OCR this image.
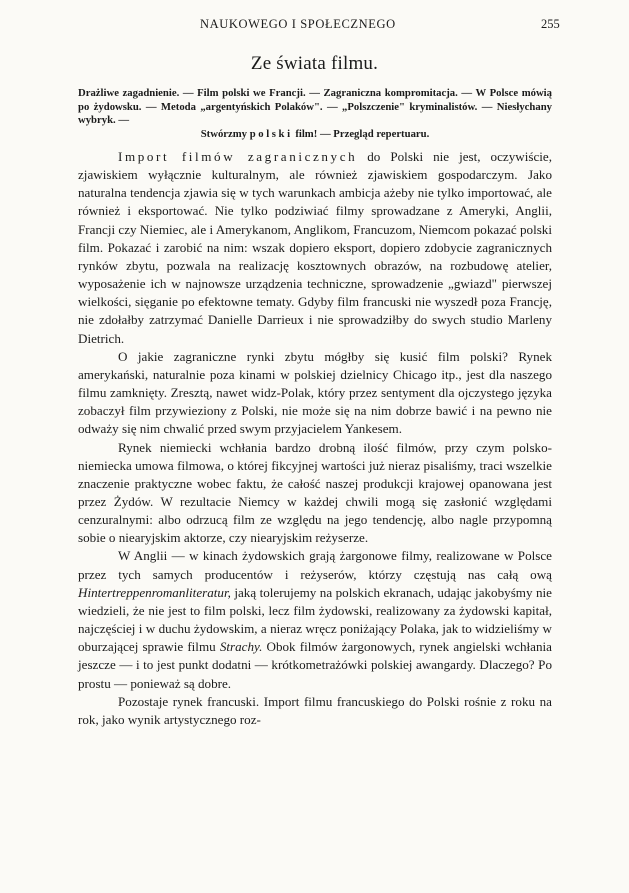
NAUKOWEGO I SPOŁECZNEGO	255
Ze świata filmu.

Drażliwe zagadnienie. — Film polski we Francji. — Zagraniczna kompromitacja. — W Polsce mówią po żydowsku. — Metoda „argentyńskich Polaków". — „Polszczenie" kryminalistów. — Niesłychany wybryk. —

Stwórzmy polski film! — Przegląd repertuaru.

Import filmów zagranicznych do Polski nie jest, oczywiście, zjawiskiem wyłącznie kulturalnym, ale również zjawiskiem gospodarczym. Jako naturalna tendencja zjawia się w tych warunkach ambicja ażeby nie tylko importować, ale również i eksportować. Nie tylko podziwiać filmy sprowadzane z Ameryki, Anglii, Francji czy Niemiec, ale i Amerykanom, Anglikom, Francuzom, Niemcom pokazać polski film. Pokazać i zarobić na nim: wszak dopiero eksport, dopiero zdobycie zagranicznych rynków zbytu, pozwala na realizację kosztownych obrazów, na rozbudowę atelier, wyposażenie ich w najnowsze urządzenia techniczne, sprowadzenie „gwiazd" pierwszej wielkości, sięganie po efektowne tematy. Gdyby film francuski nie wyszedł poza Francję, nie zdołałby zatrzymać Danielle Darrieux i nie sprowadziłby do swych studio Marleny Dietrich.

O jakie zagraniczne rynki zbytu mógłby się kusić film polski? Rynek amerykański, naturalnie poza kinami w polskiej dzielnicy Chicago itp., jest dla naszego filmu zamknięty. Zresztą, nawet widz-Polak, który przez sentyment dla ojczystego języka zobaczył film przywieziony z Polski, nie może się na nim dobrze bawić i na pewno nie odważy się nim chwalić przed swym przyjacielem Yankesem.

Rynek niemiecki wchłania bardzo drobną ilość filmów, przy czym polsko-niemiecka umowa filmowa, o której fikcyjnej wartości już nieraz pisaliśmy, traci wszelkie znaczenie praktyczne wobec faktu, że całość naszej produkcji krajowej opanowana jest przez Żydów. W rezultacie Niemcy w każdej chwili mogą się zasłonić względami cenzuralnymi: albo odrzucą film ze względu na jego tendencję, albo nagle przypomną sobie o niearyjskim aktorze, czy niearyjskim reżyserze.

W Anglii — w kinach żydowskich grają żargonowe filmy, realizowane w Polsce przez tych samych producentów i reżyserów, którzy częstują nas całą ową Hintertreppenromanliteratur, jaką tolerujemy na polskich ekranach, udając jakobyśmy nie wiedzieli, że nie jest to film polski, lecz film żydowski, realizowany za żydowski kapitał, najczęściej i w duchu żydowskim, a nieraz wręcz poniżający Polaka, jak to widzieliśmy w oburzającej sprawie filmu Strachy. Obok filmów żargonowych, rynek angielski wchłania jeszcze — i to jest punkt dodatni — krótkometrażówki polskiej awangardy. Dlaczego? Po prostu — ponieważ są dobre.

Pozostaje rynek francuski. Import filmu francuskiego do Polski rośnie z roku na rok, jako wynik artystycznego roz-
